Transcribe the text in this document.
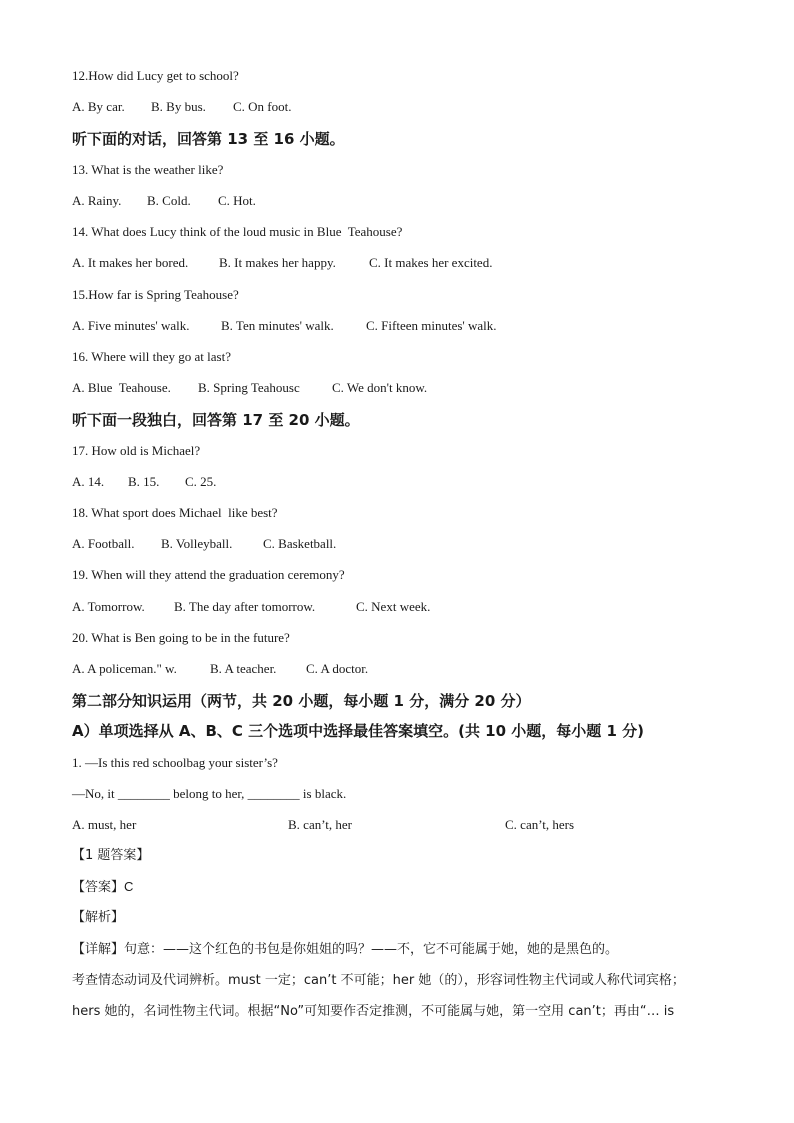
12.How did Lucy get to school?
A. By car. B. By bus. C. On foot.
听下面的对话，回答第 13 至 16 小题。
13. What is the weather like?
A. Rainy. B. Cold. C. Hot.
14. What does Lucy think of the loud music in Blue  Teahouse?
A. It makes her bored. B. It makes her happy.	C. It makes her excited.
15.How far is Spring Teahouse?
A. Five minutes' walk. B. Ten minutes' walk. C. Fifteen minutes' walk.
16. Where will they go at last?
A. Blue  Teahouse. B. Spring Teahousc C. We don't know.
听下面一段独白，回答第 17 至 20 小题。
17. How old is Michael?
A. 14. B. 15. C. 25.
18. What sport does Michael  like best?
A. Football. B. Volleyball. C. Basketball.
19. When will they attend the graduation ceremony?
A. Tomorrow. B. The day after tomorrow.	C. Next week.
20. What is Ben going to be in the future?
A. A policeman." w.	B. A teacher. C. A doctor.
第二部分知识运用（两节，共 20 小题，每小题 1 分，满分 20 分）
A）单项选择从 A、B、C 三个选项中选择最佳答案填空。(共 10 小题，每小题 1 分)
1. —Is this red schoolbag your sister’s?
—No, it ________ belong to her, ________ is black.
A. must, her	B. can’t, her	C. can’t, hers
【1 题答案】
【答案】C
【解析】
【详解】句意：——这个红色的书包是你姐姐的吗？——不，它不可能属于她，她的是黑色的。
考查情态动词及代词辨析。must 一定；can’t 不可能；her 她（的），形容词性物主代词或人称代词宾格；
hers 她的，名词性物主代词。根据“No”可知要作否定推测，不可能属与她，第一空用 can’t；再由“… is
